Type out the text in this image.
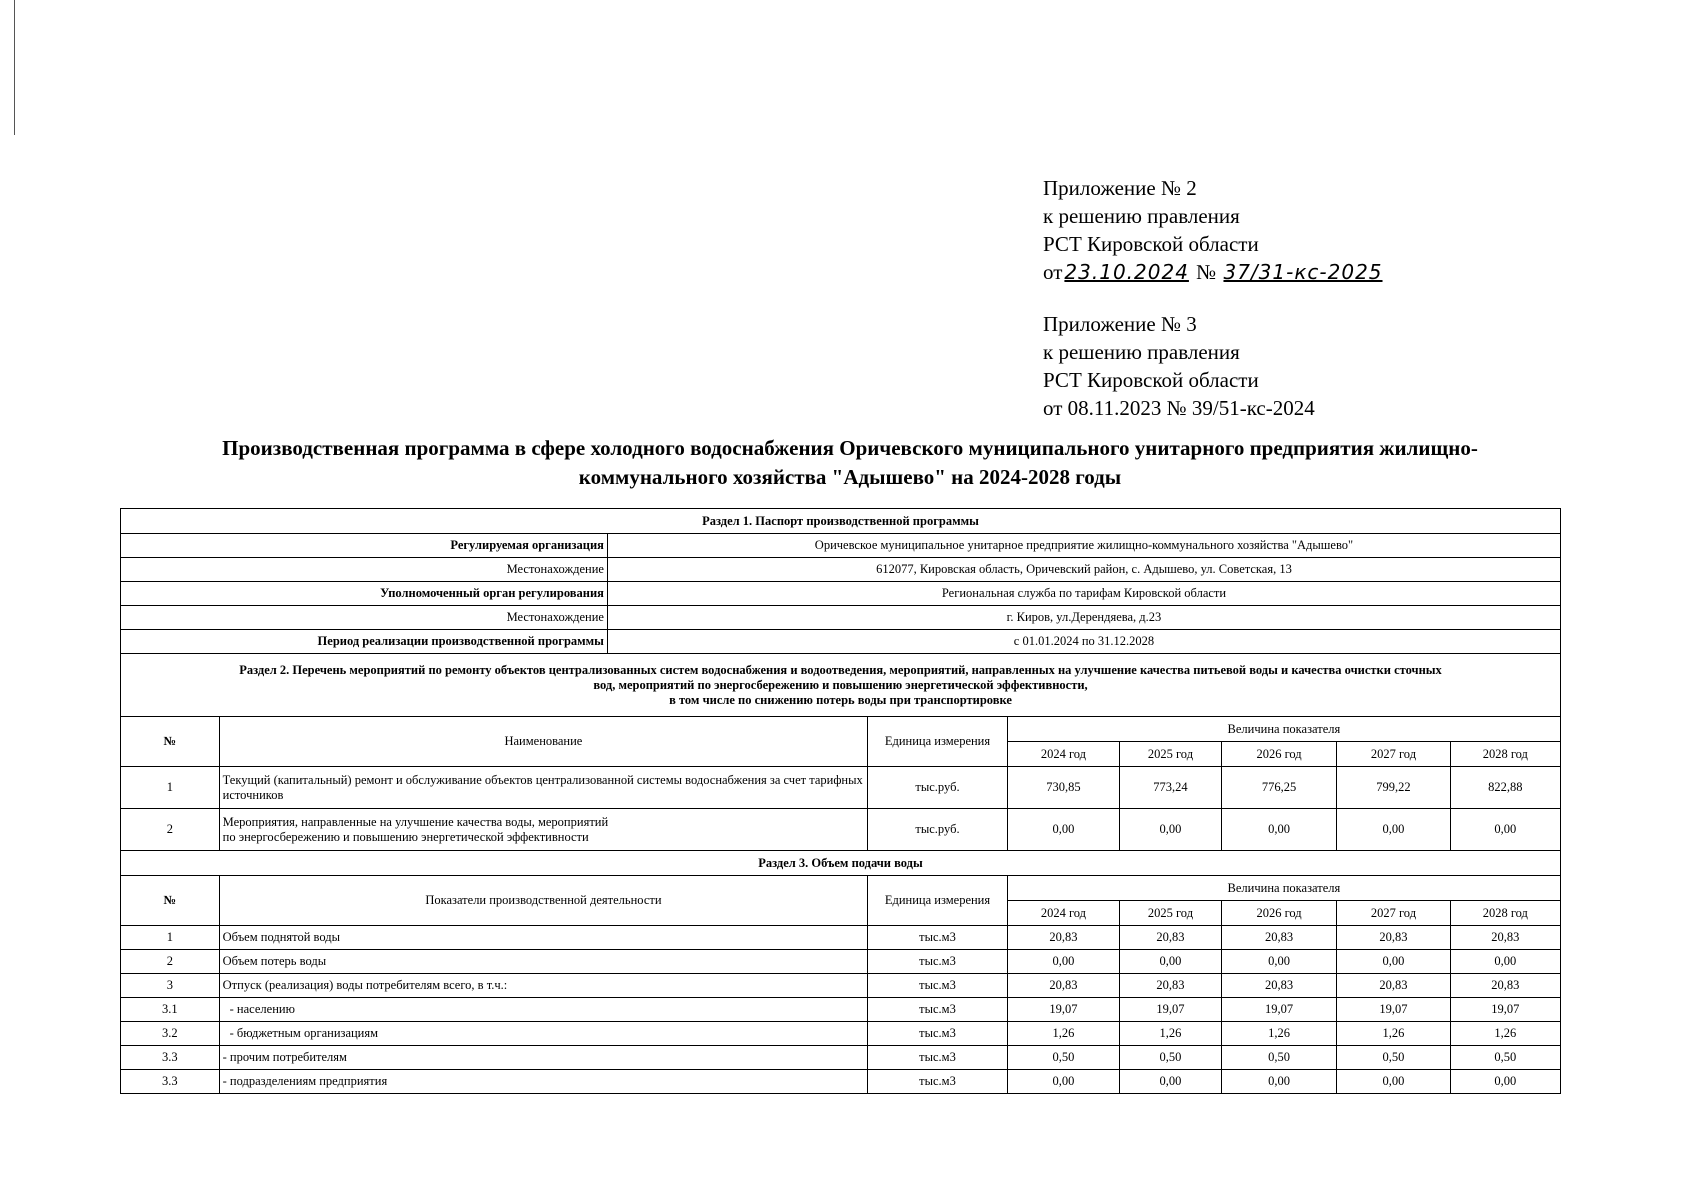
Приложение № 2
к решению правления
РСТ Кировской области
от 23.10.2024 № 37/31-кс-2025
Приложение № 3
к решению правления
РСТ Кировской области
от 08.11.2023 № 39/51-кс-2024
Производственная программа в сфере холодного водоснабжения Оричевского муниципального унитарного предприятия жилищно-
коммунального хозяйства "Адышево" на 2024-2028 годы
Раздел 1. Паспорт производственной программы								
Регулируемая организация		Оричевское муниципальное унитарное предприятие жилищно-коммунального хозяйства "Адышево"						
Местонахождение		612077, Кировская область, Оричевский район, с. Адышево, ул. Советская, 13						
Уполномоченный орган регулирования		Региональная служба по тарифам Кировской области						
Местонахождение		г. Киров, ул.Дерендяева, д.23						
Период реализации производственной программы		с 01.01.2024 по 31.12.2028						

Раздел 2. Перечень мероприятий по ремонту объектов централизованных систем водоснабжения и водоотведения, мероприятий, направленных на улучшение качества питьевой воды и качества очистки сточных
вод, мероприятий по энергосбережению и повышению энергетической эффективности,
в том числе по снижению потерь воды при транспортировке								

№	Наименование		Единица измерения	Величина показателя				
				2024 год	2025 год	2026 год	2027 год	2028 год
1	Текущий (капитальный) ремонт и обслуживание объектов централизованной системы водоснабжения за счет тарифных источников		тыс.руб.	730,85	773,24	776,25	799,22	822,88
2	Мероприятия, направленные на улучшение качества воды, мероприятий
по энергосбережению и повышению энергетической эффективности		тыс.руб.	0,00	0,00	0,00	0,00	0,00
Раздел 3. Объем подачи воды								
№	Показатели производственной деятельности		Единица измерения	Величина показателя				
				2024 год	2025 год	2026 год	2027 год	2028 год
1	Объем поднятой воды		тыс.м3	20,83	20,83	20,83	20,83	20,83
2	Объем потерь воды		тыс.м3	0,00	0,00	0,00	0,00	0,00
3	Отпуск (реализация) воды потребителям всего, в т.ч.:		тыс.м3	20,83	20,83	20,83	20,83	20,83
3.1	- населению		тыс.м3	19,07	19,07	19,07	19,07	19,07
3.2	- бюджетным организациям		тыс.м3	1,26	1,26	1,26	1,26	1,26
3.3	- прочим потребителям		тыс.м3	0,50	0,50	0,50	0,50	0,50
3.3	- подразделениям предприятия		тыс.м3	0,00	0,00	0,00	0,00	0,00
